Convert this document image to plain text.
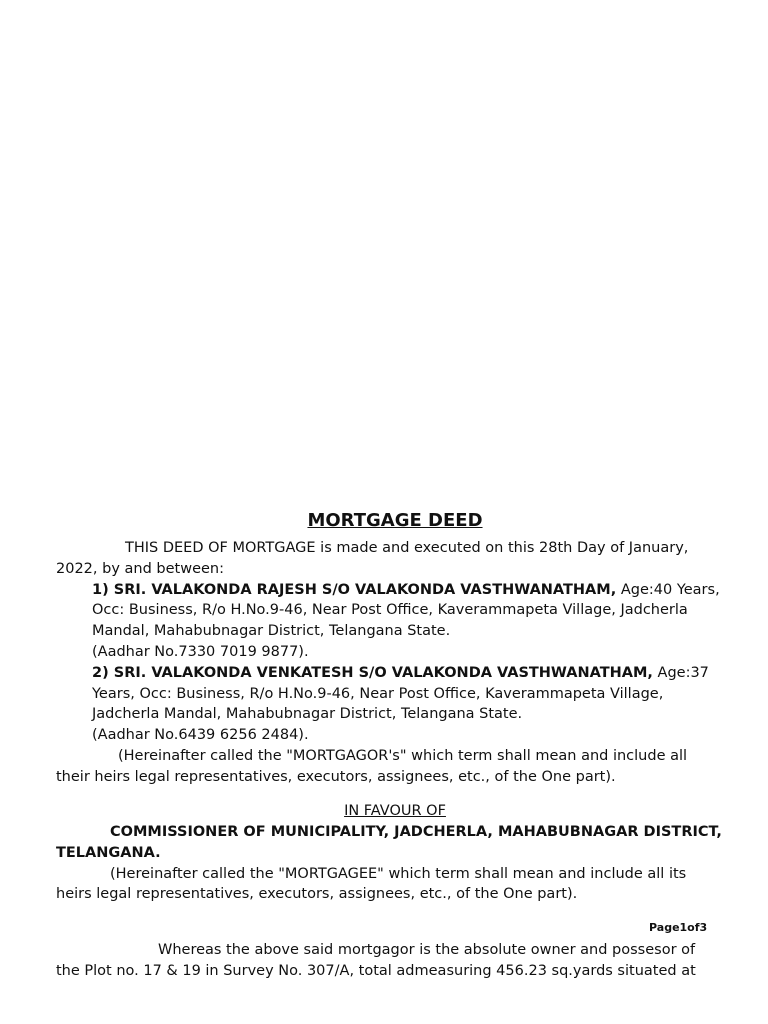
MORTGAGE DEED
THIS DEED OF MORTGAGE is made and executed on this 28th Day of January,
2022, by and between:
1) SRI. VALAKONDA RAJESH S/O VALAKONDA VASTHWANATHAM, Age:40 Years,
Occ: Business, R/o H.No.9-46, Near Post Office, Kaverammapeta Village, Jadcherla
Mandal, Mahabubnagar District, Telangana State.
(Aadhar No.7330 7019 9877).
2) SRI. VALAKONDA VENKATESH S/O VALAKONDA VASTHWANATHAM, Age:37
Years, Occ: Business, R/o H.No.9-46, Near Post Office, Kaverammapeta Village,
Jadcherla Mandal, Mahabubnagar District, Telangana State.
(Aadhar No.6439 6256 2484).
(Hereinafter called the "MORTGAGOR's" which term shall mean and include all
their heirs legal representatives, executors, assignees, etc., of the One part).
IN FAVOUR OF
COMMISSIONER OF MUNICIPALITY, JADCHERLA, MAHABUBNAGAR DISTRICT,
TELANGANA.
(Hereinafter called the "MORTGAGEE" which term shall mean and include all its
heirs legal representatives, executors, assignees, etc., of the One part).
Page1of3
Whereas the above said mortgagor is the absolute owner and possesor of
the Plot no. 17 & 19 in Survey No. 307/A, total admeasuring 456.23 sq.yards situated at
